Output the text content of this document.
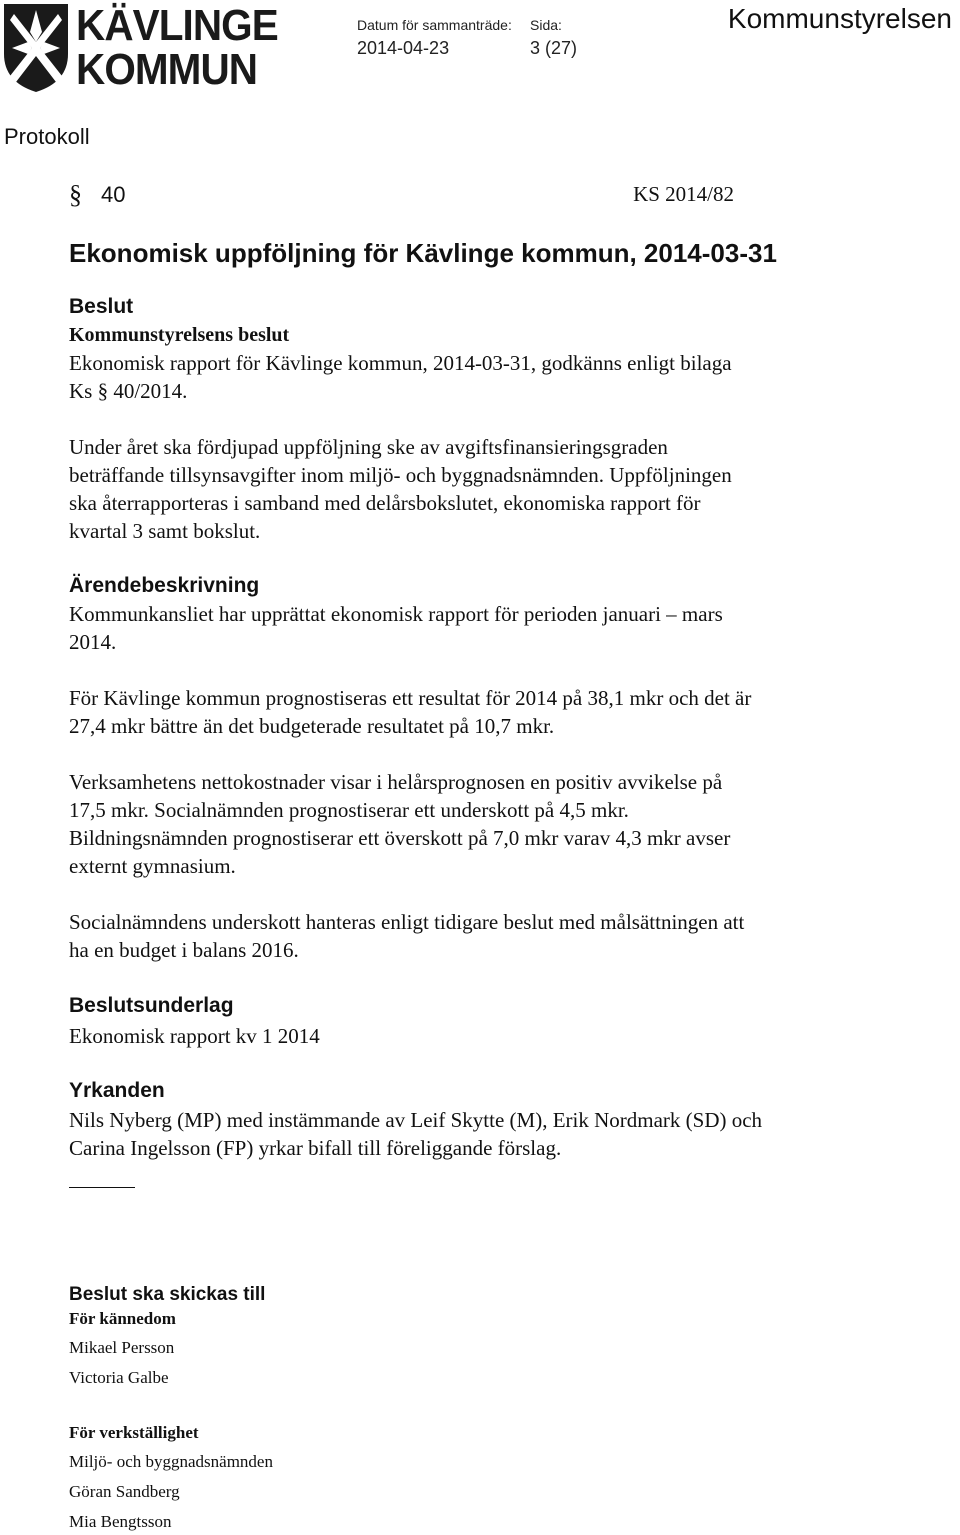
KÄVLINGE
KOMMUN
Datum för sammanträde:
2014-04-23
Sida:
3 (27)
Kommunstyrelsen
Protokoll
§ 40	KS 2014/82
Ekonomisk uppföljning för Kävlinge kommun, 2014-03-31
Beslut
Kommunstyrelsens beslut

Ekonomisk rapport för Kävlinge kommun, 2014-03-31, godkänns enligt bilaga
Ks § 40/2014.

Under året ska fördjupad uppföljning ske av avgiftsfinansieringsgraden
beträffande tillsynsavgifter inom miljö- och byggnadsnämnden. Uppföljningen
ska återrapporteras i samband med delårsbokslutet, ekonomiska rapport för
kvartal 3 samt bokslut.

Ärendebeskrivning

Kommunkansliet har upprättat ekonomisk rapport för perioden januari – mars
2014.

För Kävlinge kommun prognostiseras ett resultat för 2014 på 38,1 mkr och det är
27,4 mkr bättre än det budgeterade resultatet på 10,7 mkr.

Verksamhetens nettokostnader visar i helårsprognosen en positiv avvikelse på
17,5 mkr. Socialnämnden prognostiserar ett underskott på 4,5 mkr.
Bildningsnämnden prognostiserar ett överskott på 7,0 mkr varav 4,3 mkr avser
externt gymnasium.

Socialnämndens underskott hanteras enligt tidigare beslut med målsättningen att
ha en budget i balans 2016.

Beslutsunderlag

Ekonomisk rapport kv 1 2014

Yrkanden

Nils Nyberg (MP) med instämmande av Leif Skytte (M), Erik Nordmark (SD) och
Carina Ingelsson (FP) yrkar bifall till föreliggande förslag.

Beslut ska skickas till
För kännedom

Mikael Persson

Victoria Galbe

För verkställighet

Miljö- och byggnadsnämnden

Göran Sandberg

Mia Bengtsson
